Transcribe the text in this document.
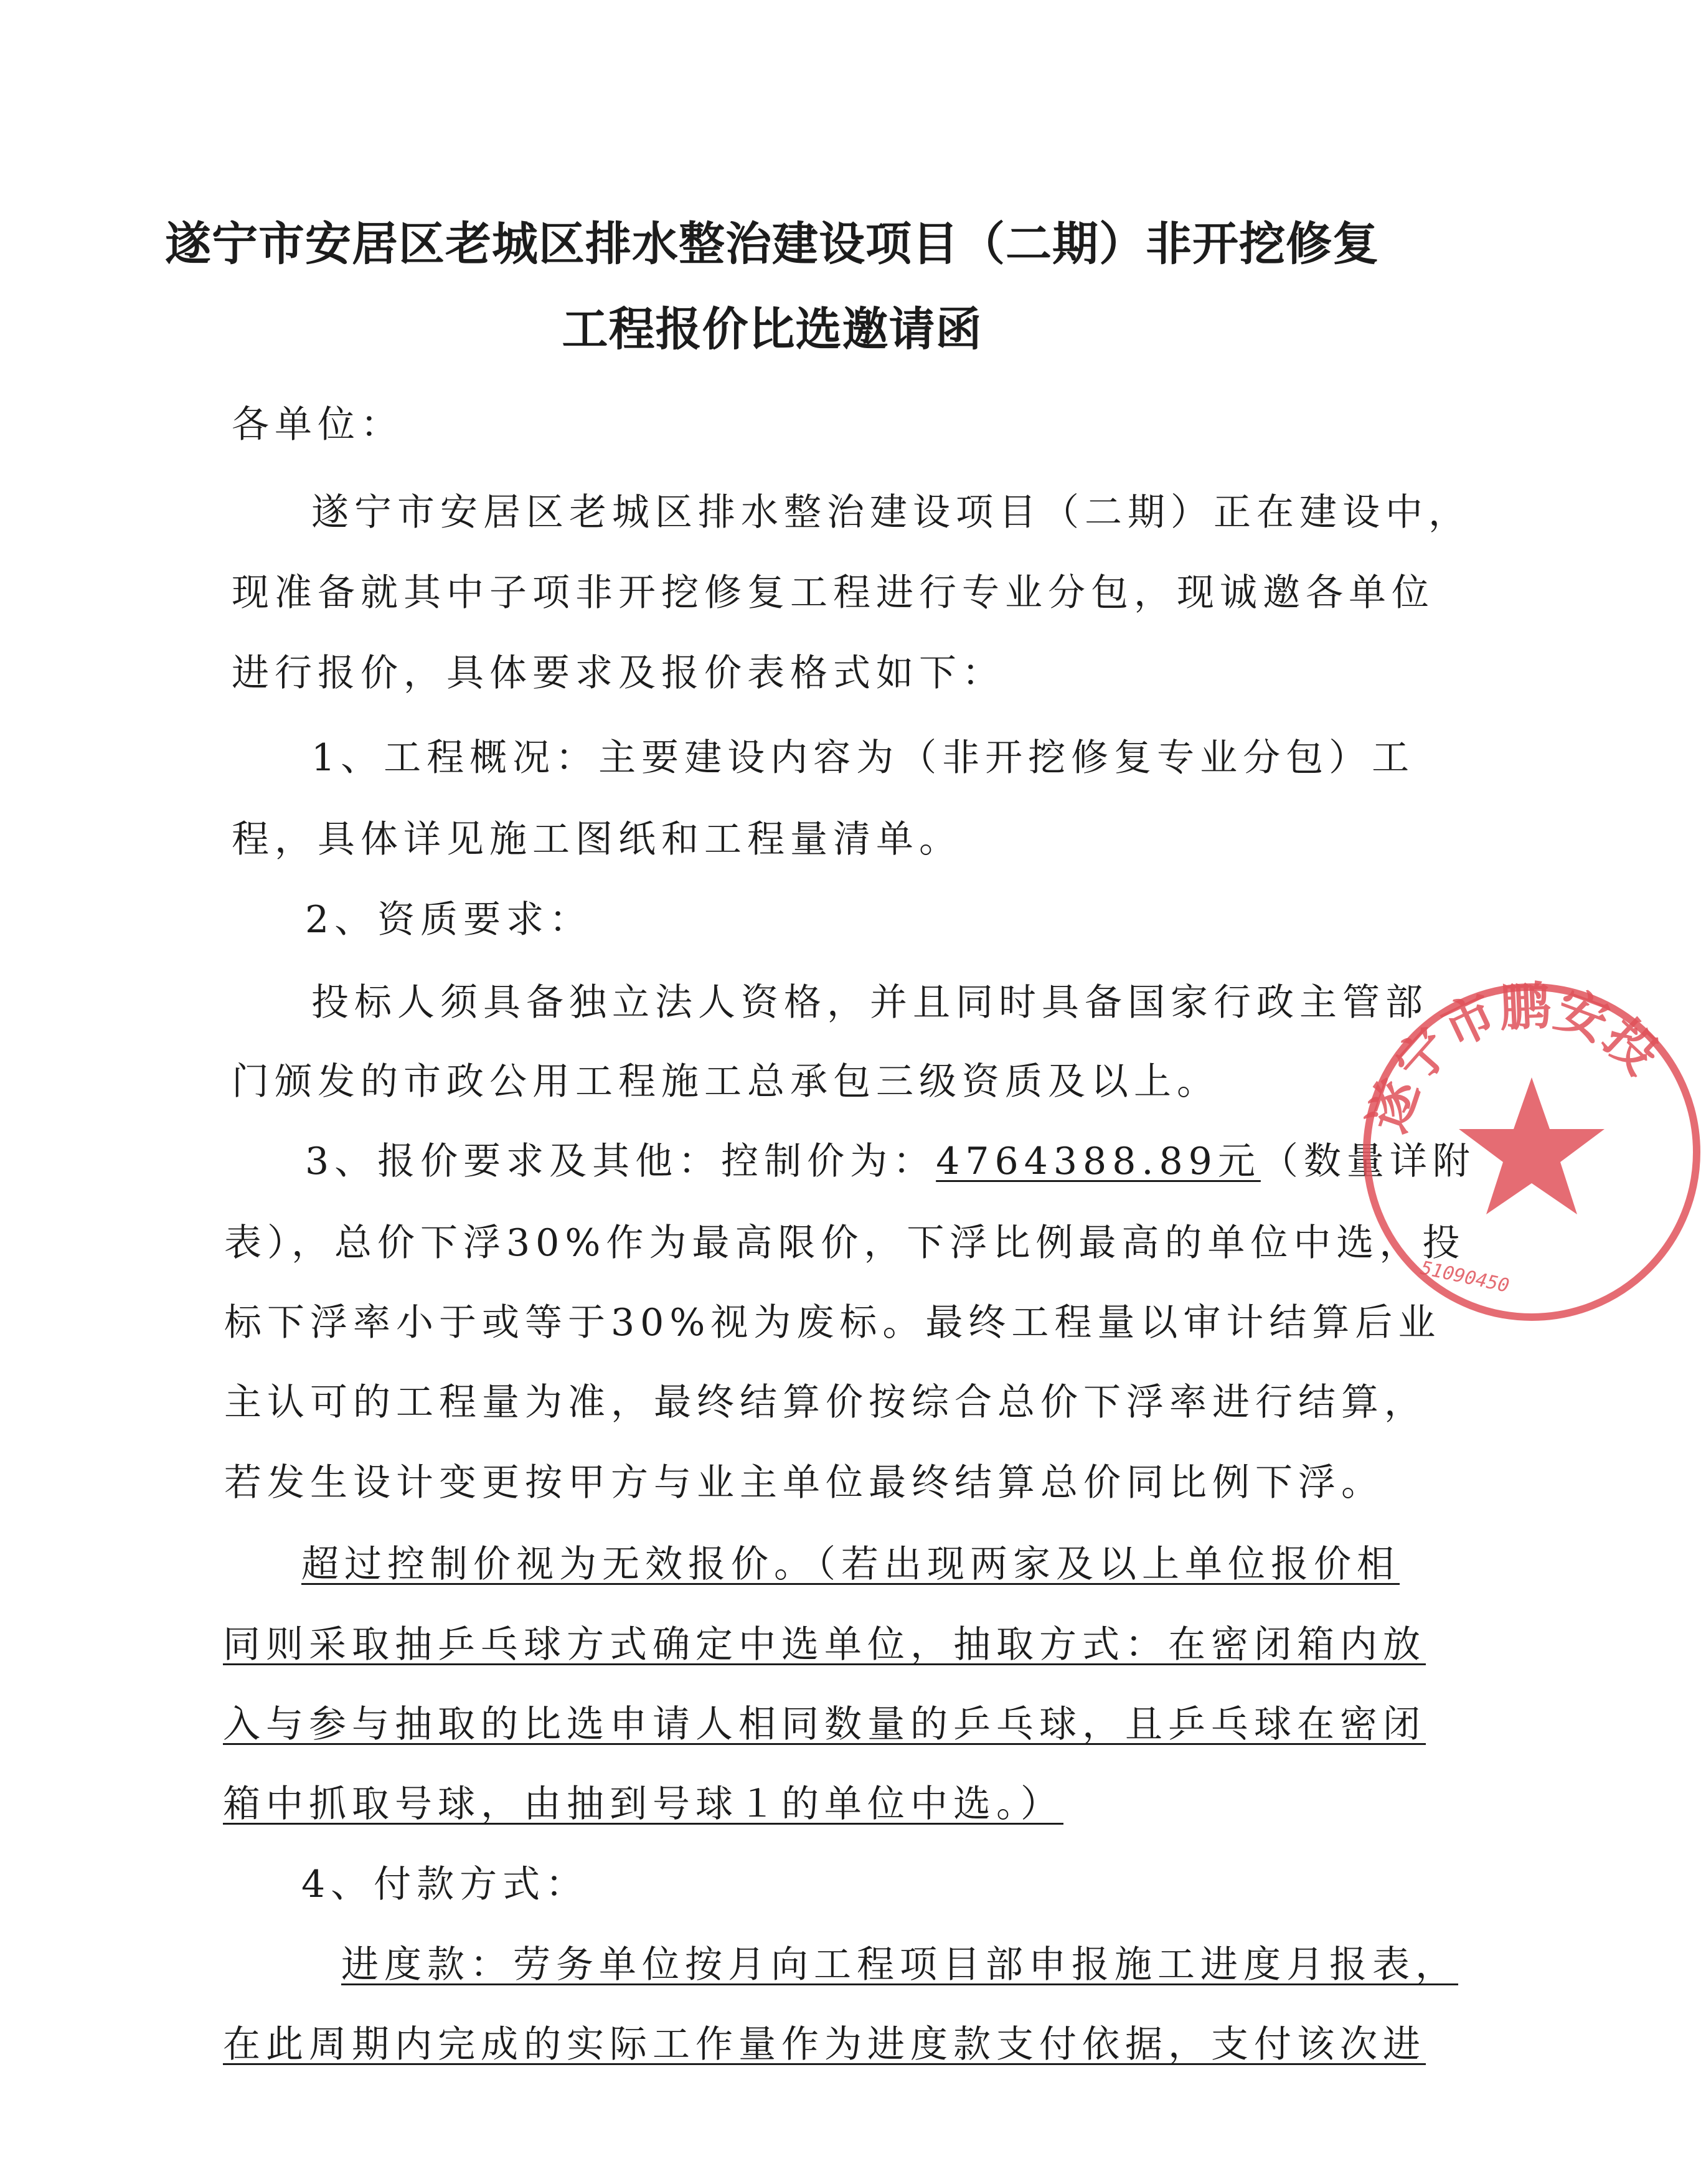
遂宁市安居区老城区排水整治建设项目（二期）非开挖修复
工程报价比选邀请函
各单位：
遂宁市安居区老城区排水整治建设项目（二期）正在建设中，
现准备就其中子项非开挖修复工程进行专业分包，现诚邀各单位
进行报价，具体要求及报价表格式如下：
1、工程概况：主要建设内容为（非开挖修复专业分包）工
程，具体详见施工图纸和工程量清单。
2、资质要求：
投标人须具备独立法人资格，并且同时具备国家行政主管部
门颁发的市政公用工程施工总承包三级资质及以上。
3、报价要求及其他：控制价为：4764388.89元（数量详附
表），总价下浮30%作为最高限价，下浮比例最高的单位中选，投
标下浮率小于或等于30%视为废标。最终工程量以审计结算后业
主认可的工程量为准，最终结算价按综合总价下浮率进行结算，
若发生设计变更按甲方与业主单位最终结算总价同比例下浮。
超过控制价视为无效报价。（若出现两家及以上单位报价相
同则采取抽乒乓球方式确定中选单位，抽取方式：在密闭箱内放
入与参与抽取的比选申请人相同数量的乒乓球，且乒乓球在密闭
箱中抓取号球，由抽到号球１的单位中选。）
4、付款方式：
进度款：劳务单位按月向工程项目部申报施工进度月报表，
在此周期内完成的实际工作量作为进度款支付依据，支付该次进
遂宁市鹏安投
51090450
